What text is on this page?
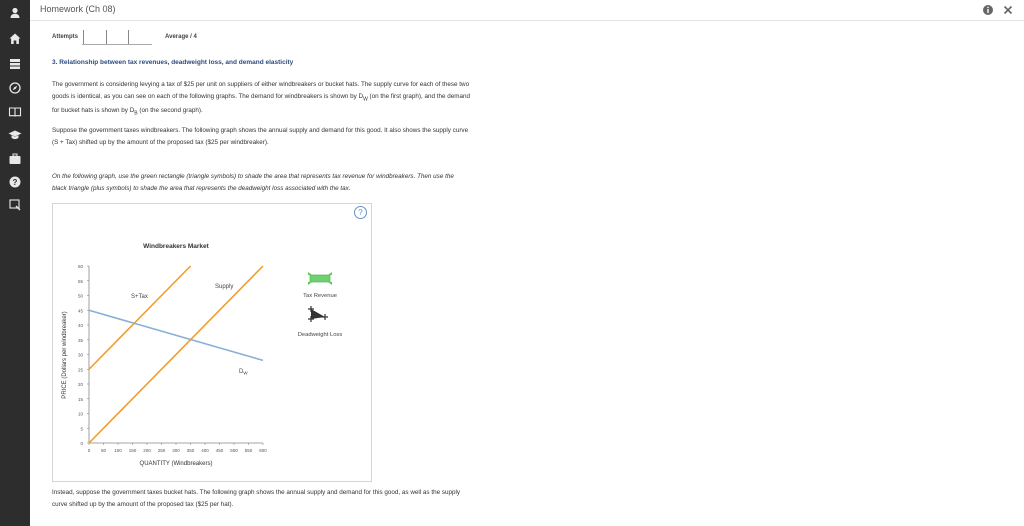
?
Homework (Ch 08)
Attempts	Average / 4
3. Relationship between tax revenues, deadweight loss, and demand elasticity
The government is considering levying a tax of $25 per unit on suppliers of either windbreakers or bucket hats. The supply curve for each of these two
goods is identical, as you can see on each of the following graphs. The demand for windbreakers is shown by $D_W$ (on the first graph), and the demand
for bucket hats is shown by $D_B$ (on the second graph).
Suppose the government taxes windbreakers. The following graph shows the annual supply and demand for this good. It also shows the supply curve
(S + Tax) shifted up by the amount of the proposed tax ($25 per windbreaker).
On the following graph, use the green rectangle (triangle symbols) to shade the area that represents tax revenue for windbreakers. Then use the
black triangle (plus symbols) to shade the area that represents the deadweight loss associated with the tax.
?
Windbreakers Market
PRICE (Dollars per windbreaker)
QUANTITY (Windbreakers)
0
5
10
15
20
25
30
35
40
45
50
55
60
0 50 100 150 200 250 300 350 400 450 500 550 600
Supply
S+Tax
$D_W$
Tax Revenue
Deadweight Loss
Instead, suppose the government taxes bucket hats. The following graph shows the annual supply and demand for this good, as well as the supply
curve shifted up by the amount of the proposed tax ($25 per hat).
